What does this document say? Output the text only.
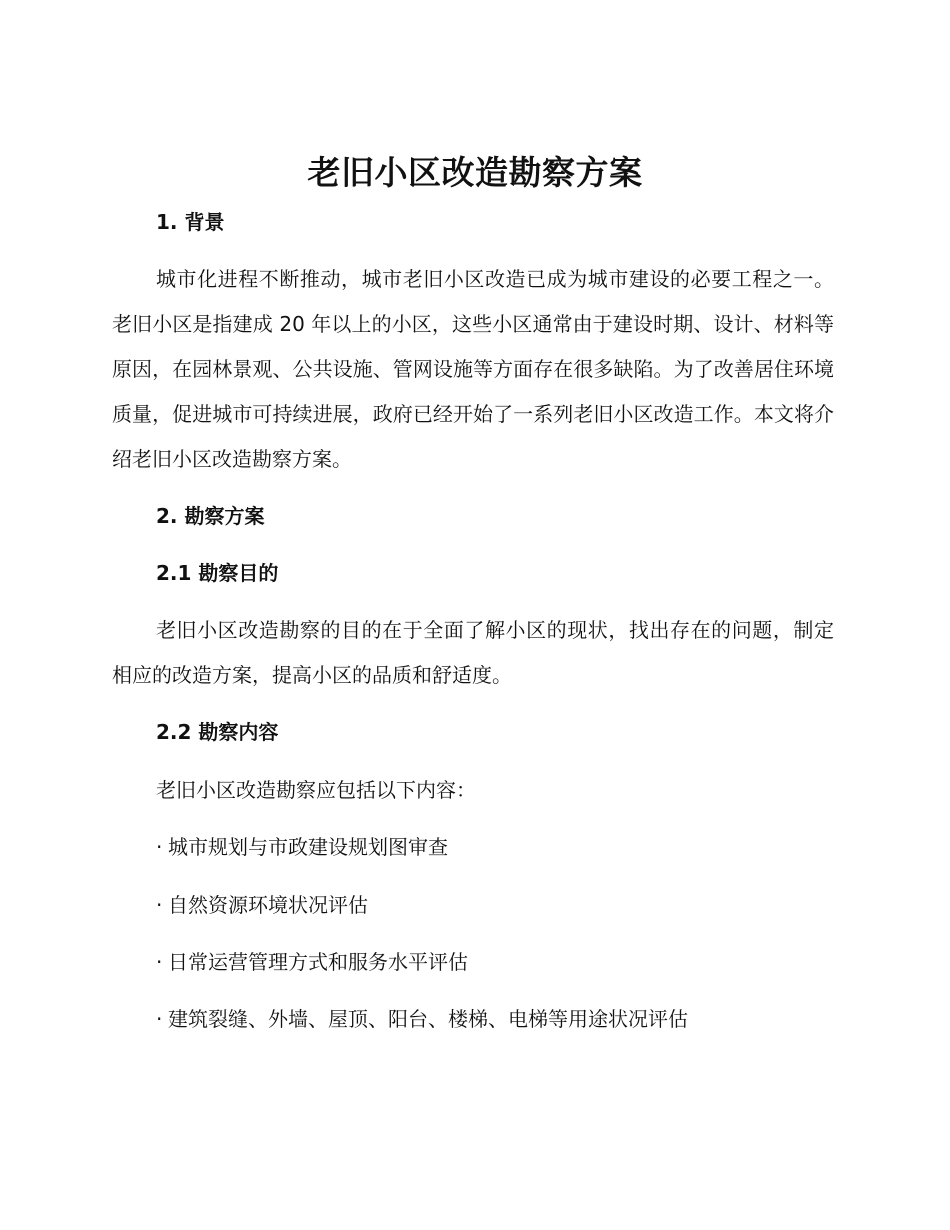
老旧小区改造勘察方案
1. 背景

城市化进程不断推动，城市老旧小区改造已成为城市建设的必要工程之一。老旧小区是指建成 20 年以上的小区，这些小区通常由于建设时期、设计、材料等原因，在园林景观、公共设施、管网设施等方面存在很多缺陷。为了改善居住环境质量，促进城市可持续进展，政府已经开始了一系列老旧小区改造工作。本文将介绍老旧小区改造勘察方案。

2. 勘察方案
2.1 勘察目的

老旧小区改造勘察的目的在于全面了解小区的现状，找出存在的问题，制定相应的改造方案，提高小区的品质和舒适度。

2.2 勘察内容

老旧小区改造勘察应包括以下内容：

· 城市规划与市政建设规划图审查
· 自然资源环境状况评估
· 日常运营管理方式和服务水平评估
· 建筑裂缝、外墙、屋顶、阳台、楼梯、电梯等用途状况评估
